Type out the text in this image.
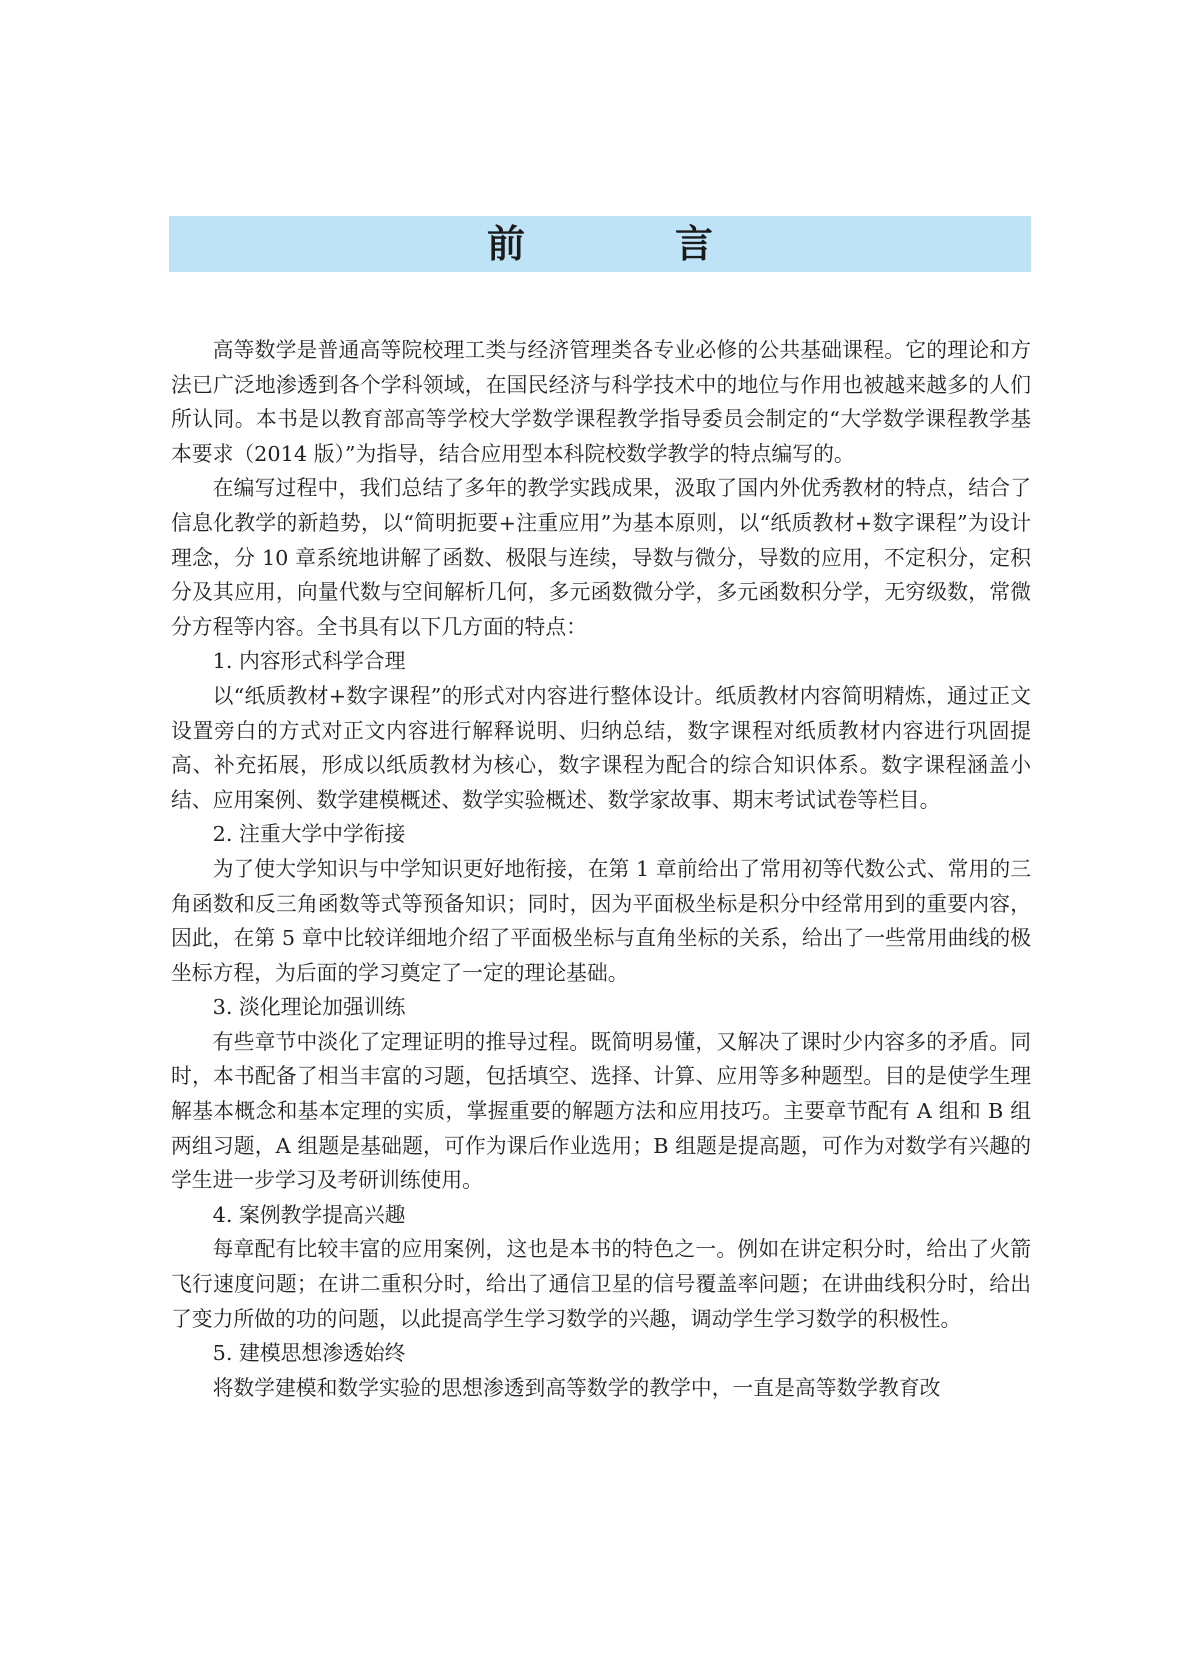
前　言

高等数学是普通高等院校理工类与经济管理类各专业必修的公共基础课程。它的理论和方法已广泛地渗透到各个学科领域，在国民经济与科学技术中的地位与作用也被越来越多的人们所认同。本书是以教育部高等学校大学数学课程教学指导委员会制定的“大学数学课程教学基本要求（2014 版）”为指导，结合应用型本科院校数学教学的特点编写的。

在编写过程中，我们总结了多年的教学实践成果，汲取了国内外优秀教材的特点，结合了信息化教学的新趋势，以“简明扼要+注重应用”为基本原则，以“纸质教材+数字课程”为设计理念，分 10 章系统地讲解了函数、极限与连续，导数与微分，导数的应用，不定积分，定积分及其应用，向量代数与空间解析几何，多元函数微分学，多元函数积分学，无穷级数，常微分方程等内容。全书具有以下几方面的特点：

1. 内容形式科学合理

以“纸质教材+数字课程”的形式对内容进行整体设计。纸质教材内容简明精炼，通过正文设置旁白的方式对正文内容进行解释说明、归纳总结，数字课程对纸质教材内容进行巩固提高、补充拓展，形成以纸质教材为核心，数字课程为配合的综合知识体系。数字课程涵盖小结、应用案例、数学建模概述、数学实验概述、数学家故事、期末考试试卷等栏目。

2. 注重大学中学衔接

为了使大学知识与中学知识更好地衔接，在第 1 章前给出了常用初等代数公式、常用的三角函数和反三角函数等式等预备知识；同时，因为平面极坐标是积分中经常用到的重要内容，因此，在第 5 章中比较详细地介绍了平面极坐标与直角坐标的关系，给出了一些常用曲线的极坐标方程，为后面的学习奠定了一定的理论基础。

3. 淡化理论加强训练

有些章节中淡化了定理证明的推导过程。既简明易懂，又解决了课时少内容多的矛盾。同时，本书配备了相当丰富的习题，包括填空、选择、计算、应用等多种题型。目的是使学生理解基本概念和基本定理的实质，掌握重要的解题方法和应用技巧。主要章节配有 A 组和 B 组两组习题，A 组题是基础题，可作为课后作业选用；B 组题是提高题，可作为对数学有兴趣的学生进一步学习及考研训练使用。

4. 案例教学提高兴趣

每章配有比较丰富的应用案例，这也是本书的特色之一。例如在讲定积分时，给出了火箭飞行速度问题；在讲二重积分时，给出了通信卫星的信号覆盖率问题；在讲曲线积分时，给出了变力所做的功的问题，以此提高学生学习数学的兴趣，调动学生学习数学的积极性。

5. 建模思想渗透始终

将数学建模和数学实验的思想渗透到高等数学的教学中，一直是高等数学教育改
